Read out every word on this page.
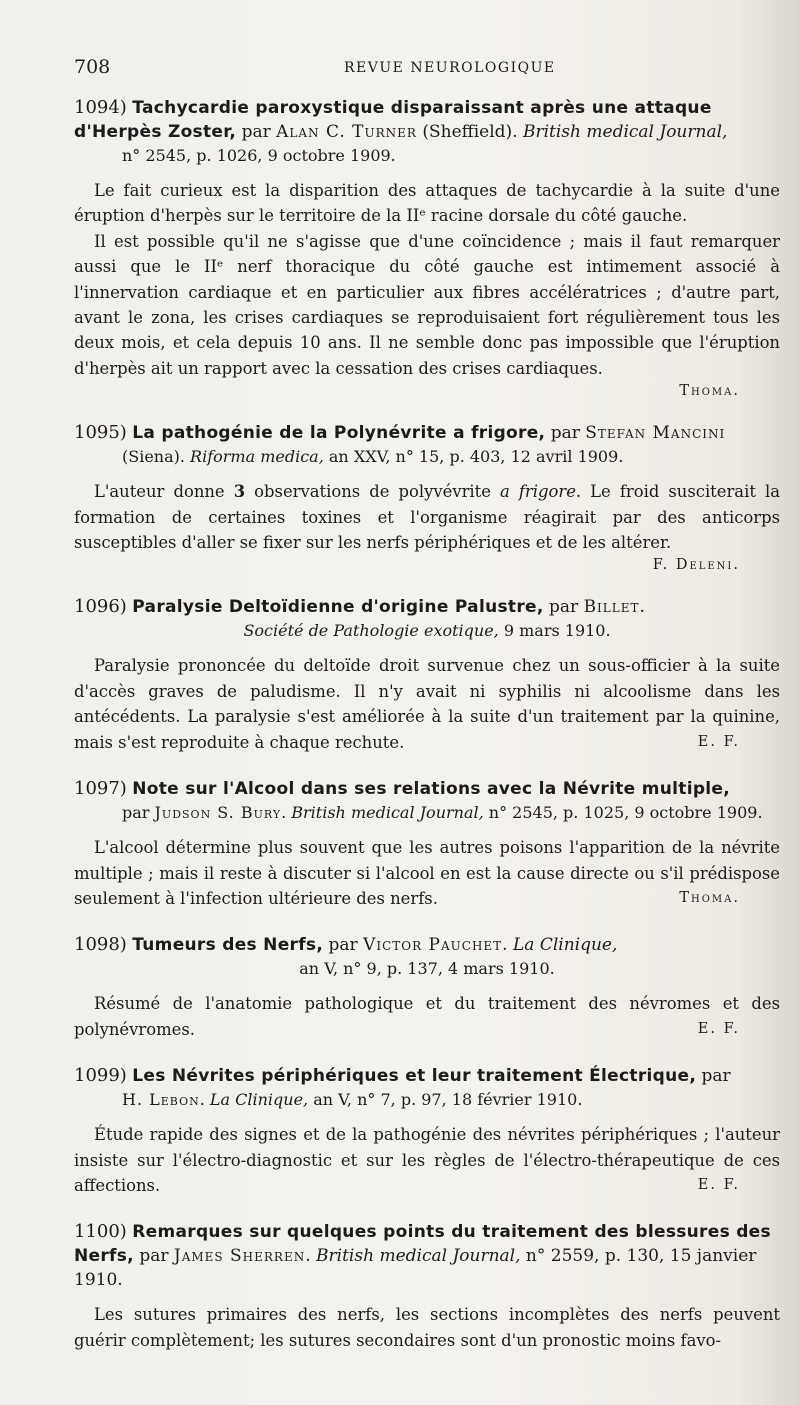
708	REVUE NEUROLOGIQUE
1094) Tachycardie paroxystique disparaissant après une attaque d'Herpès Zoster, par Alan C. Turner (Sheffield). British medical Journal,
n° 2545, p. 1026, 9 octobre 1909.

Le fait curieux est la disparition des attaques de tachycardie à la suite d'une éruption d'herpès sur le territoire de la IIᵉ racine dorsale du côté gauche.

Il est possible qu'il ne s'agisse que d'une coïncidence ; mais il faut remarquer aussi que le IIᵉ nerf thoracique du côté gauche est intimement associé à l'innervation cardiaque et en particulier aux fibres accélératrices ; d'autre part, avant le zona, les crises cardiaques se reproduisaient fort régulièrement tous les deux mois, et cela depuis 10 ans. Il ne semble donc pas impossible que l'éruption d'herpès ait un rapport avec la cessation des crises cardiaques.

Thoma.
1095) La pathogénie de la Polynévrite a frigore, par Stefan Mancini
(Siena). Riforma medica, an XXV, n° 15, p. 403, 12 avril 1909.

L'auteur donne 3 observations de polyvévrite a frigore. Le froid susciterait la formation de certaines toxines et l'organisme réagirait par des anticorps susceptibles d'aller se fixer sur les nerfs périphériques et de les altérer.

F. Deleni.
1096) Paralysie Deltoïdienne d'origine Palustre, par Billet.
Société de Pathologie exotique, 9 mars 1910.

Paralysie prononcée du deltoïde droit survenue chez un sous-officier à la suite d'accès graves de paludisme. Il n'y avait ni syphilis ni alcoolisme dans les antécédents. La paralysie s'est améliorée à la suite d'un traitement par la quinine, mais s'est reproduite à chaque rechute.	E. F.

1097) Note sur l'Alcool dans ses relations avec la Névrite multiple,
par Judson S. Bury. British medical Journal, n° 2545, p. 1025, 9 octobre 1909.

L'alcool détermine plus souvent que les autres poisons l'apparition de la névrite multiple ; mais il reste à discuter si l'alcool en est la cause directe ou s'il prédispose seulement à l'infection ultérieure des nerfs.	Thoma.

1098) Tumeurs des Nerfs, par Victor Pauchet. La Clinique,
an V, n° 9, p. 137, 4 mars 1910.

Résumé de l'anatomie pathologique et du traitement des névromes et des polynévromes.	E. F.

1099) Les Névrites périphériques et leur traitement Électrique, par
H. Lebon. La Clinique, an V, n° 7, p. 97, 18 février 1910.

Étude rapide des signes et de la pathogénie des névrites périphériques ; l'auteur insiste sur l'électro-diagnostic et sur les règles de l'électro-thérapeutique de ces affections.	E. F.

1100) Remarques sur quelques points du traitement des blessures des Nerfs, par James Sherren. British medical Journal, n° 2559, p. 130, 15 janvier 1910.

Les sutures primaires des nerfs, les sections incomplètes des nerfs peuvent guérir complètement; les sutures secondaires sont d'un pronostic moins favo-
